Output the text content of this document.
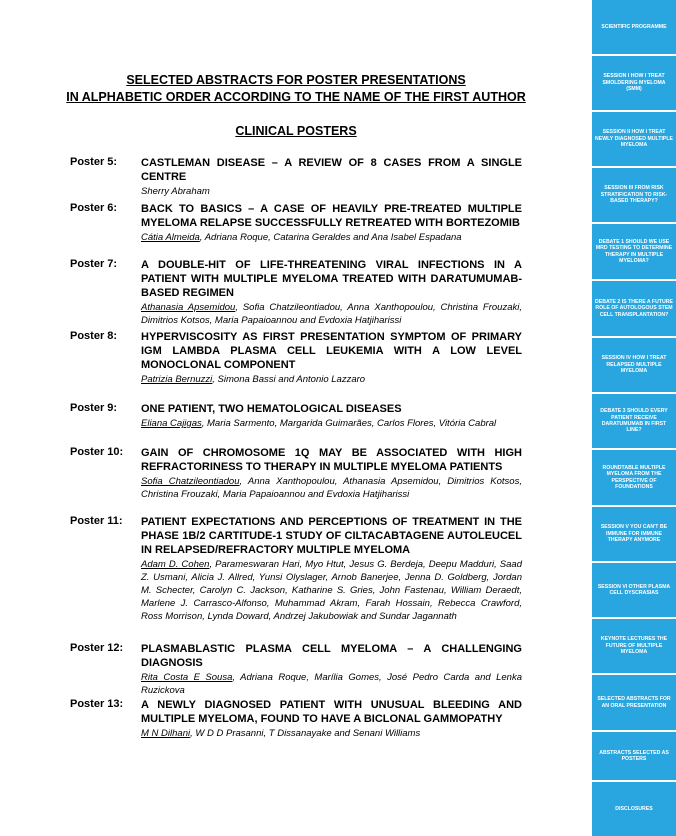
SELECTED ABSTRACTS FOR POSTER PRESENTATIONS
IN ALPHABETIC ORDER ACCORDING TO THE NAME OF THE FIRST AUTHOR
CLINICAL POSTERS
Poster 5:	CASTLEMAN DISEASE – A REVIEW OF 8 CASES FROM A SINGLE CENTRE
Sherry Abraham
Poster 6:	BACK TO BASICS – A CASE OF HEAVILY PRE-TREATED MULTIPLE MYELOMA RELAPSE SUCCESSFULLY RETREATED WITH BORTEZOMIB
Cátia Almeida, Adriana Roque, Catarina Geraldes and Ana Isabel Espadana
Poster 7:	A DOUBLE-HIT OF LIFE-THREATENING VIRAL INFECTIONS IN A PATIENT WITH MULTIPLE MYELOMA TREATED WITH DARATUMUMAB-BASED REGIMEN
Athanasia Apsemidou, Sofia Chatzileontiadou, Anna Xanthopoulou, Christina Frouzaki, Dimitrios Kotsos, Maria Papaioannou and Evdoxia Hatjiharissi
Poster 8:	HYPERVISCOSITY AS FIRST PRESENTATION SYMPTOM OF PRIMARY IGM LAMBDA PLASMA CELL LEUKEMIA WITH A LOW LEVEL MONOCLONAL COMPONENT
Patrizia Bernuzzi, Simona Bassi and Antonio Lazzaro
Poster 9:	ONE PATIENT, TWO HEMATOLOGICAL DISEASES
Eliana Cajigas, Maria Sarmento, Margarida Guimarães, Carlos Flores, Vitória Cabral
Poster 10:	GAIN OF CHROMOSOME 1Q MAY BE ASSOCIATED WITH HIGH REFRACTORINESS TO THERAPY IN MULTIPLE MYELOMA PATIENTS
Sofia Chatzileontiadou, Anna Xanthopoulou, Athanasia Apsemidou, Dimitrios Kotsos, Christina Frouzaki, Maria Papaioannou and Evdoxia Hatjiharissi
Poster 11:	PATIENT EXPECTATIONS AND PERCEPTIONS OF TREATMENT IN THE PHASE 1B/2 CARTITUDE-1 STUDY OF CILTACABTAGENE AUTOLEUCEL IN RELAPSED/REFRACTORY MULTIPLE MYELOMA
Adam D. Cohen, Parameswaran Hari, Myo Htut, Jesus G. Berdeja, Deepu Madduri, Saad Z. Usmani, Alicia J. Allred, Yunsi Olyslager, Arnob Banerjee, Jenna D. Goldberg, Jordan M. Schecter, Carolyn C. Jackson, Katharine S. Gries, John Fastenau, William Deraedt, Marlene J. Carrasco-Alfonso, Muhammad Akram, Farah Hossain, Rebecca Crawford, Ross Morrison, Lynda Doward, Andrzej Jakubowiak and Sundar Jagannath
Poster 12:	PLASMABLASTIC PLASMA CELL MYELOMA – A CHALLENGING DIAGNOSIS
Rita Costa E Sousa, Adriana Roque, Marília Gomes, José Pedro Carda and Lenka Ruzickova
Poster 13:	A NEWLY DIAGNOSED PATIENT WITH UNUSUAL BLEEDING AND MULTIPLE MYELOMA, FOUND TO HAVE A BICLONAL GAMMOPATHY
M N Dilhani, W D D Prasanni, T Dissanayake and Senani Williams
SCIENTIFIC PROGRAMME
SESSION I HOW I TREAT SMOLDERING MYELOMA (SMM)
SESSION II HOW I TREAT NEWLY DIAGNOSED MULTIPLE MYELOMA
SESSION III FROM RISK STRATIFICATION TO RISK-BASED THERAPY?
DEBATE 1 SHOULD WE USE MRD TESTING TO DETERMINE THERAPY IN MULTIPLE MYELOMA?
DEBATE 2 IS THERE A FUTURE ROLE OF AUTOLOGOUS STEM CELL TRANSPLANTATION?
SESSION IV HOW I TREAT RELAPSED MULTIPLE MYELOMA
DEBATE 3 SHOULD EVERY PATIENT RECEIVE DARATUMUMAB IN FIRST LINE?
ROUNDTABLE MULTIPLE MYELOMA FROM THE PERSPECTIVE OF FOUNDATIONS
SESSION V YOU CAN'T BE IMMUNE FOR IMMUNE THERAPY ANYMORE
SESSION VI OTHER PLASMA CELL DYSCRASIAS
KEYNOTE LECTURES THE FUTURE OF MULTIPLE MYELOMA
SELECTED ABSTRACTS FOR AN ORAL PRESENTATION
ABSTRACTS SELECTED AS POSTERS
DISCLOSURES
